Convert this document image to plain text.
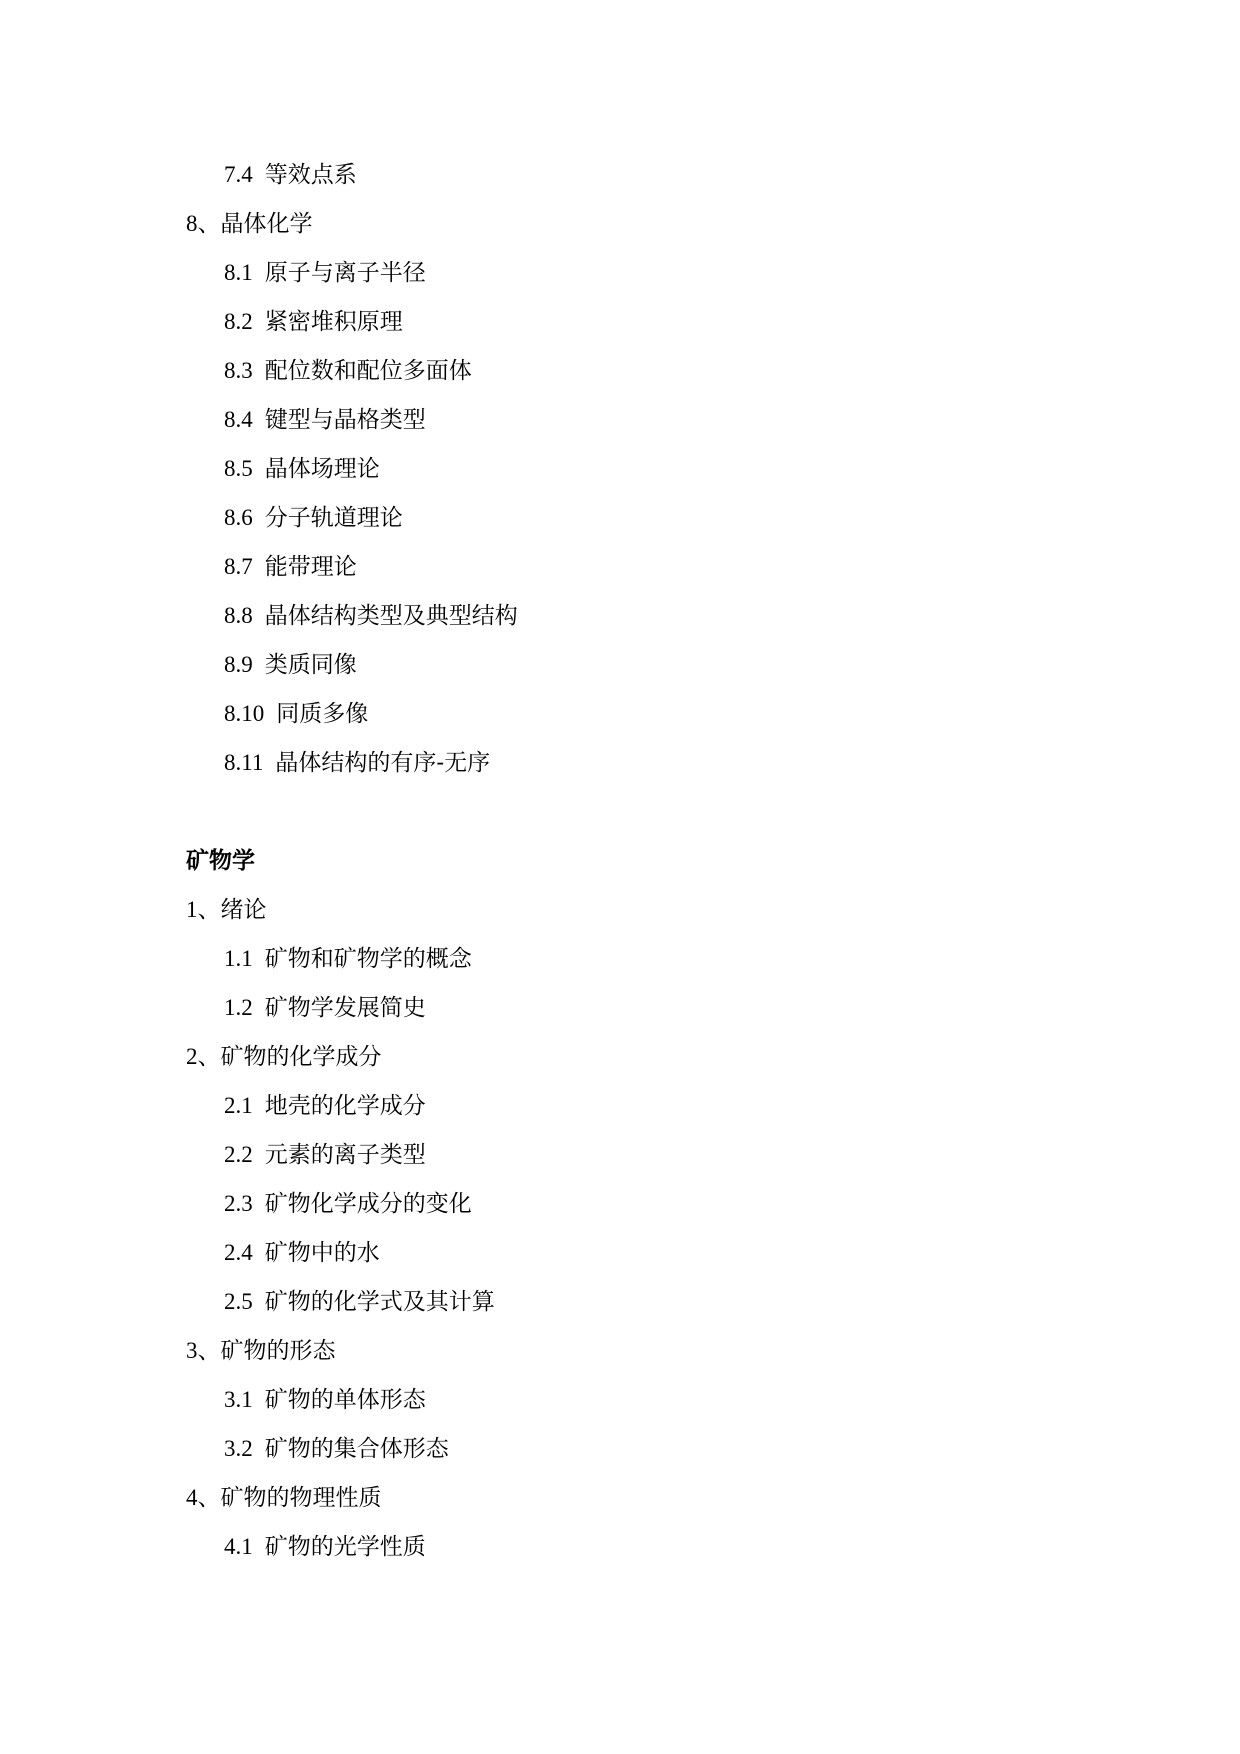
7.4 等效点系
8、晶体化学
8.1 原子与离子半径
8.2 紧密堆积原理
8.3 配位数和配位多面体
8.4 键型与晶格类型
8.5 晶体场理论
8.6 分子轨道理论
8.7 能带理论
8.8 晶体结构类型及典型结构
8.9 类质同像
8.10 同质多像
8.11 晶体结构的有序-无序
矿物学
1、绪论
1.1 矿物和矿物学的概念
1.2 矿物学发展简史
2、矿物的化学成分
2.1 地壳的化学成分
2.2 元素的离子类型
2.3 矿物化学成分的变化
2.4 矿物中的水
2.5 矿物的化学式及其计算
3、矿物的形态
3.1 矿物的单体形态
3.2 矿物的集合体形态
4、矿物的物理性质
4.1 矿物的光学性质
